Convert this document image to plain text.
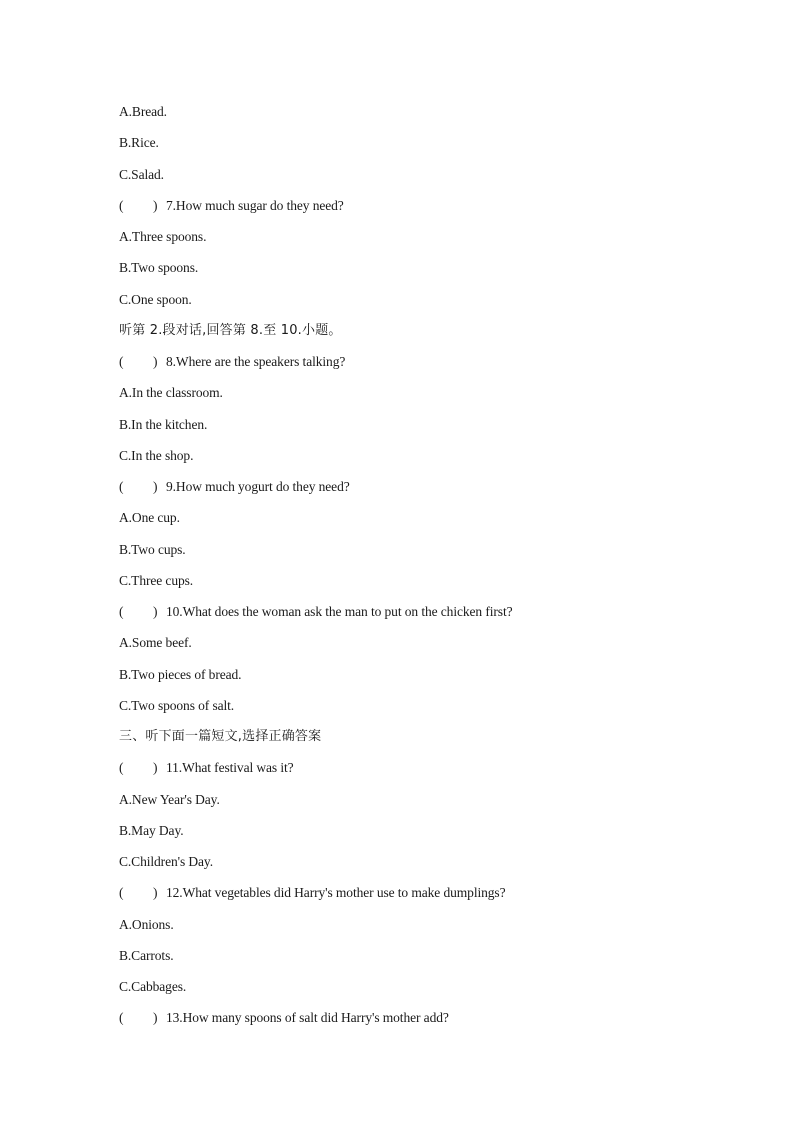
A.Bread.
B.Rice.
C.Salad.
( ) 7.How much sugar do they need?
A.Three spoons.
B.Two spoons.
C.One spoon.
听第 2.段对话,回答第 8.至 10.小题。
( ) 8.Where are the speakers talking?
A.In the classroom.
B.In the kitchen.
C.In the shop.
( ) 9.How much yogurt do they need?
A.One cup.
B.Two cups.
C.Three cups.
( ) 10.What does the woman ask the man to put on the chicken first?
A.Some beef.
B.Two pieces of bread.
C.Two spoons of salt.
三、听下面一篇短文,选择正确答案
( ) 11.What festival was it?
A.New Year's Day.
B.May Day.
C.Children's Day.
( ) 12.What vegetables did Harry's mother use to make dumplings?
A.Onions.
B.Carrots.
C.Cabbages.
( ) 13.How many spoons of salt did Harry's mother add?
